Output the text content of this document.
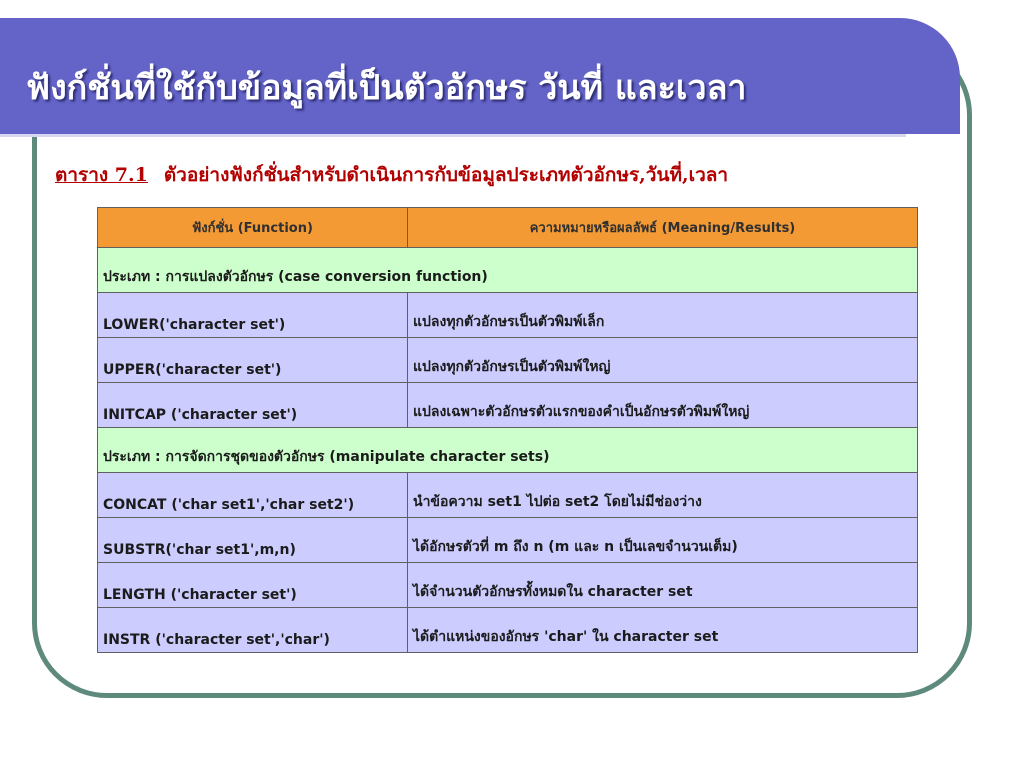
ฟังก์ชั่นที่ใช้กับข้อมูลที่เป็นตัวอักษร วันที่ และเวลา
ตาราง 7.1 ตัวอย่างฟังก์ชั่นสำหรับดำเนินการกับข้อมูลประเภทตัวอักษร,วันที่,เวลา
ฟังก์ชั่น (Function)	ความหมายหรือผลลัพธ์ (Meaning/Results)
ประเภท : การแปลงตัวอักษร (case conversion function)	
LOWER('character set')	แปลงทุกตัวอักษรเป็นตัวพิมพ์เล็ก
UPPER('character set')	แปลงทุกตัวอักษรเป็นตัวพิมพ์ใหญ่
INITCAP ('character set')	แปลงเฉพาะตัวอักษรตัวแรกของคำเป็นอักษรตัวพิมพ์ใหญ่
ประเภท : การจัดการชุดของตัวอักษร (manipulate character sets)	
CONCAT ('char set1','char set2')	นำข้อความ set1 ไปต่อ set2 โดยไม่มีช่องว่าง
SUBSTR('char set1',m,n)	ได้อักษรตัวที่ m ถึง n (m และ n เป็นเลขจำนวนเต็ม)
LENGTH ('character set')	ได้จำนวนตัวอักษรทั้งหมดใน character set
INSTR ('character set','char')	ได้ตำแหน่งของอักษร 'char' ใน character set
